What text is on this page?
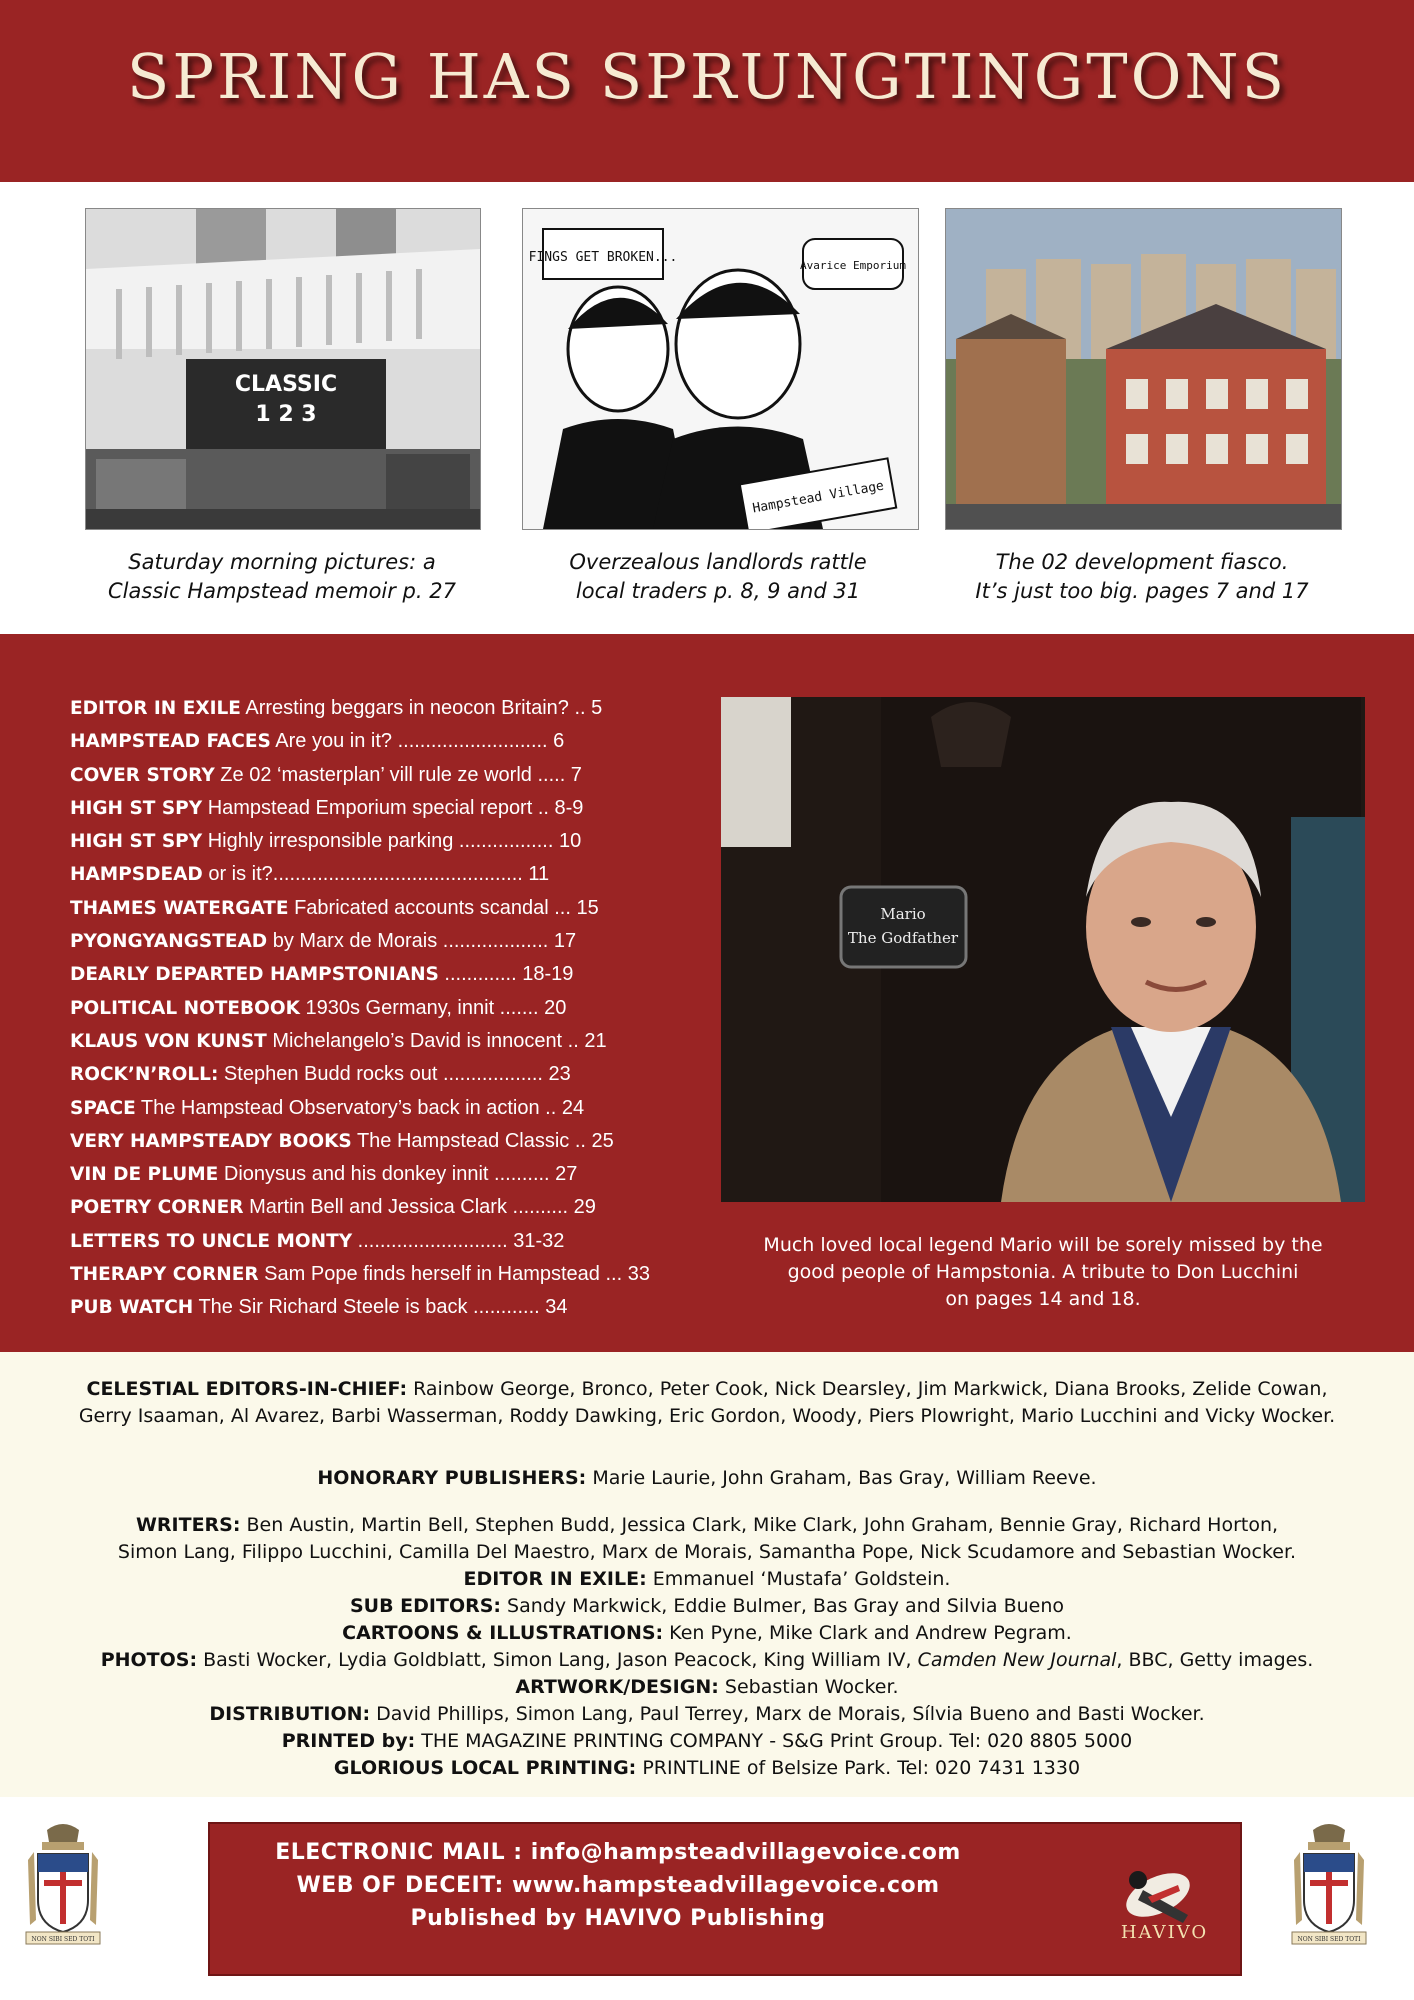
SPRING HAS SPRUNGTINGTONS
CLASSIC
1 2 3
FINGS GET BROKEN...
Avarice Emporium
Hampstead Village
Saturday morning pictures: a
Classic Hampstead memoir p. 27
Overzealous landlords rattle
local traders p. 8, 9 and 31
The 02 development fiasco.
It’s just too big. pages 7 and 17
EDITOR IN EXILE Arresting beggars in neocon Britain? .. 5
HAMPSTEAD FACES Are you in it? ........................... 6
COVER STORY Ze 02 ‘masterplan’ vill rule ze world ..... 7
HIGH ST SPY Hampstead Emporium special report .. 8-9
HIGH ST SPY Highly irresponsible parking ................. 10
HAMPSDEAD or is it?............................................. 11
THAMES WATERGATE Fabricated accounts scandal ... 15
PYONGYANGSTEAD by Marx de Morais ................... 17
DEARLY DEPARTED HAMPSTONIANS ............. 18-19
POLITICAL NOTEBOOK 1930s Germany, innit ....... 20
KLAUS VON KUNST Michelangelo’s David is innocent .. 21
ROCK’N’ROLL: Stephen Budd rocks out .................. 23
SPACE The Hampstead Observatory’s back in action .. 24
VERY HAMPSTEADY BOOKS The Hampstead Classic .. 25
VIN DE PLUME Dionysus and his donkey innit .......... 27
POETRY CORNER Martin Bell and Jessica Clark .......... 29
LETTERS TO UNCLE MONTY ........................... 31-32
THERAPY CORNER Sam Pope finds herself in Hampstead ... 33
PUB WATCH The Sir Richard Steele is back ............ 34
Mario
The Godfather
Much loved local legend Mario will be sorely missed by the
good people of Hampstonia. A tribute to Don Lucchini
on pages 14 and 18.
CELESTIAL EDITORS-IN-CHIEF: Rainbow George, Bronco, Peter Cook, Nick Dearsley, Jim Markwick, Diana Brooks, Zelide Cowan,
Gerry Isaaman, Al Avarez, Barbi Wasserman, Roddy Dawking, Eric Gordon, Woody, Piers Plowright, Mario Lucchini and Vicky Wocker.
HONORARY PUBLISHERS: Marie Laurie, John Graham, Bas Gray, William Reeve.
WRITERS: Ben Austin, Martin Bell, Stephen Budd, Jessica Clark, Mike Clark, John Graham, Bennie Gray, Richard Horton,
Simon Lang, Filippo Lucchini, Camilla Del Maestro, Marx de Morais, Samantha Pope, Nick Scudamore and Sebastian Wocker.
EDITOR IN EXILE: Emmanuel ‘Mustafa’ Goldstein.
SUB EDITORS: Sandy Markwick, Eddie Bulmer, Bas Gray and Silvia Bueno
CARTOONS & ILLUSTRATIONS: Ken Pyne, Mike Clark and Andrew Pegram.
PHOTOS: Basti Wocker, Lydia Goldblatt, Simon Lang, Jason Peacock, King William IV, Camden New Journal, BBC, Getty images.
ARTWORK/DESIGN: Sebastian Wocker.
DISTRIBUTION: David Phillips, Simon Lang, Paul Terrey, Marx de Morais, Sílvia Bueno and Basti Wocker.
PRINTED by: THE MAGAZINE PRINTING COMPANY - S&G Print Group. Tel: 020 8805 5000
GLORIOUS LOCAL PRINTING: PRINTLINE of Belsize Park. Tel: 020 7431 1330
ELECTRONIC MAIL : info@hampsteadvillagevoice.com
WEB OF DECEIT: www.hampsteadvillagevoice.com
Published by HAVIVO Publishing
HAVIVO
NON SIBI SED TOTI	NON SIBI SED TOTI
